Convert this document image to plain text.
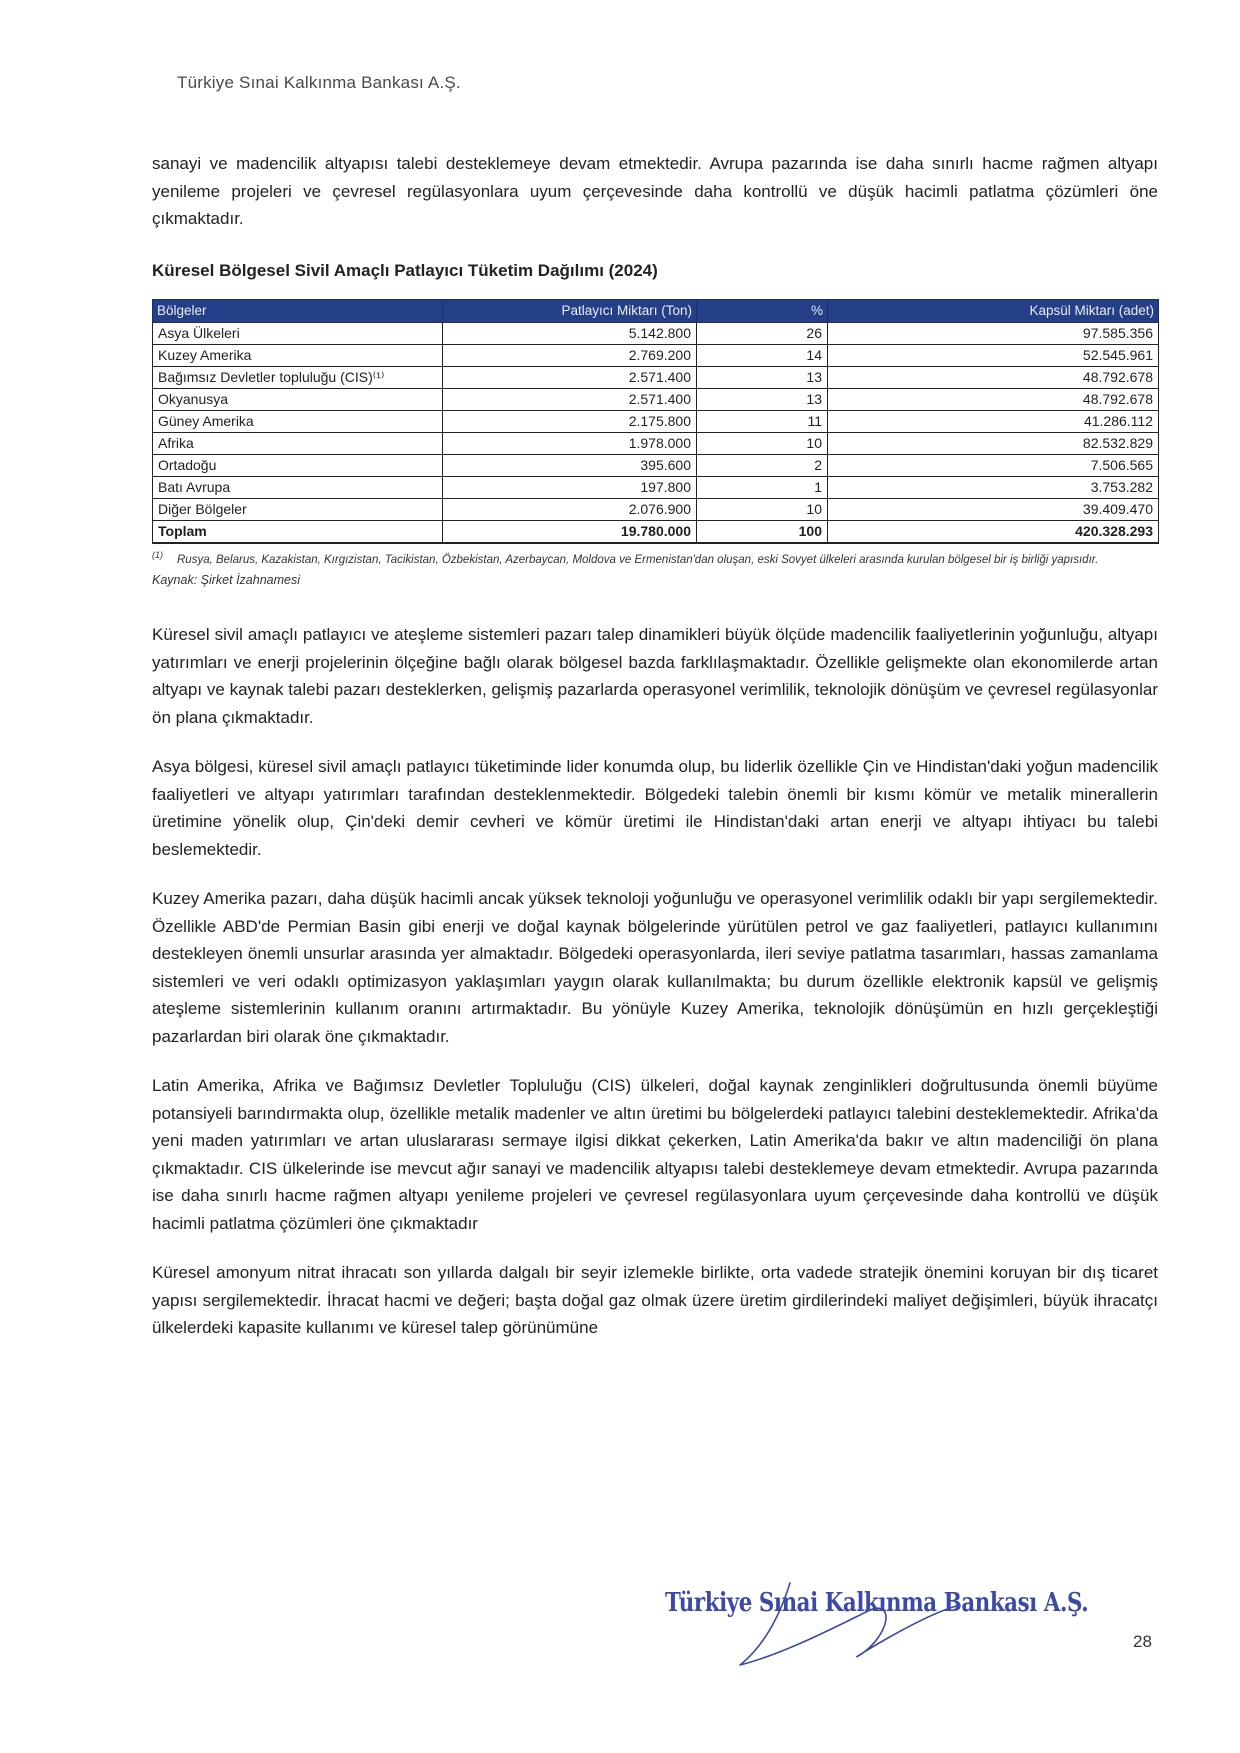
Türkiye Sınai Kalkınma Bankası A.Ş.

sanayi ve madencilik altyapısı talebi desteklemeye devam etmektedir. Avrupa pazarında ise daha sınırlı hacme rağmen altyapı yenileme projeleri ve çevresel regülasyonlara uyum çerçevesinde daha kontrollü ve düşük hacimli patlatma çözümleri öne çıkmaktadır.

Küresel Bölgesel Sivil Amaçlı Patlayıcı Tüketim Dağılımı (2024)
Bölgeler	Patlayıcı Miktarı (Ton)	%	Kapsül Miktarı (adet)
Asya Ülkeleri	5.142.800	26	97.585.356
Kuzey Amerika	2.769.200	14	52.545.961
Bağımsız Devletler topluluğu (CIS)⁽¹⁾	2.571.400	13	48.792.678
Okyanusya	2.571.400	13	48.792.678
Güney Amerika	2.175.800	11	41.286.112
Afrika	1.978.000	10	82.532.829
Ortadoğu	395.600	2	7.506.565
Batı Avrupa	197.800	1	3.753.282
Diğer Bölgeler	2.076.900	10	39.409.470
Toplam	19.780.000	100	420.328.293
$^{(1)}$ Rusya, Belarus, Kazakistan, Kırgızistan, Tacikistan, Özbekistan, Azerbaycan, Moldova ve Ermenistan'dan oluşan, eski Sovyet ülkeleri arasında kurulan bölgesel bir iş birliği yapısıdır.
Kaynak: Şirket İzahnamesi

Küresel sivil amaçlı patlayıcı ve ateşleme sistemleri pazarı talep dinamikleri büyük ölçüde madencilik faaliyetlerinin yoğunluğu, altyapı yatırımları ve enerji projelerinin ölçeğine bağlı olarak bölgesel bazda farklılaşmaktadır. Özellikle gelişmekte olan ekonomilerde artan altyapı ve kaynak talebi pazarı desteklerken, gelişmiş pazarlarda operasyonel verimlilik, teknolojik dönüşüm ve çevresel regülasyonlar ön plana çıkmaktadır.

Asya bölgesi, küresel sivil amaçlı patlayıcı tüketiminde lider konumda olup, bu liderlik özellikle Çin ve Hindistan'daki yoğun madencilik faaliyetleri ve altyapı yatırımları tarafından desteklenmektedir. Bölgedeki talebin önemli bir kısmı kömür ve metalik minerallerin üretimine yönelik olup, Çin'deki demir cevheri ve kömür üretimi ile Hindistan'daki artan enerji ve altyapı ihtiyacı bu talebi beslemektedir.

Kuzey Amerika pazarı, daha düşük hacimli ancak yüksek teknoloji yoğunluğu ve operasyonel verimlilik odaklı bir yapı sergilemektedir. Özellikle ABD'de Permian Basin gibi enerji ve doğal kaynak bölgelerinde yürütülen petrol ve gaz faaliyetleri, patlayıcı kullanımını destekleyen önemli unsurlar arasında yer almaktadır. Bölgedeki operasyonlarda, ileri seviye patlatma tasarımları, hassas zamanlama sistemleri ve veri odaklı optimizasyon yaklaşımları yaygın olarak kullanılmakta; bu durum özellikle elektronik kapsül ve gelişmiş ateşleme sistemlerinin kullanım oranını artırmaktadır. Bu yönüyle Kuzey Amerika, teknolojik dönüşümün en hızlı gerçekleştiği pazarlardan biri olarak öne çıkmaktadır.

Latin Amerika, Afrika ve Bağımsız Devletler Topluluğu (CIS) ülkeleri, doğal kaynak zenginlikleri doğrultusunda önemli büyüme potansiyeli barındırmakta olup, özellikle metalik madenler ve altın üretimi bu bölgelerdeki patlayıcı talebini desteklemektedir. Afrika'da yeni maden yatırımları ve artan uluslararası sermaye ilgisi dikkat çekerken, Latin Amerika'da bakır ve altın madenciliği ön plana çıkmaktadır. CIS ülkelerinde ise mevcut ağır sanayi ve madencilik altyapısı talebi desteklemeye devam etmektedir. Avrupa pazarında ise daha sınırlı hacme rağmen altyapı yenileme projeleri ve çevresel regülasyonlara uyum çerçevesinde daha kontrollü ve düşük hacimli patlatma çözümleri öne çıkmaktadır

Küresel amonyum nitrat ihracatı son yıllarda dalgalı bir seyir izlemekle birlikte, orta vadede stratejik önemini koruyan bir dış ticaret yapısı sergilemektedir. İhracat hacmi ve değeri; başta doğal gaz olmak üzere üretim girdilerindeki maliyet değişimleri, büyük ihracatçı ülkelerdeki kapasite kullanımı ve küresel talep görünümüne

Türkiye Sınai Kalkınma Bankası A.Ş.
28
